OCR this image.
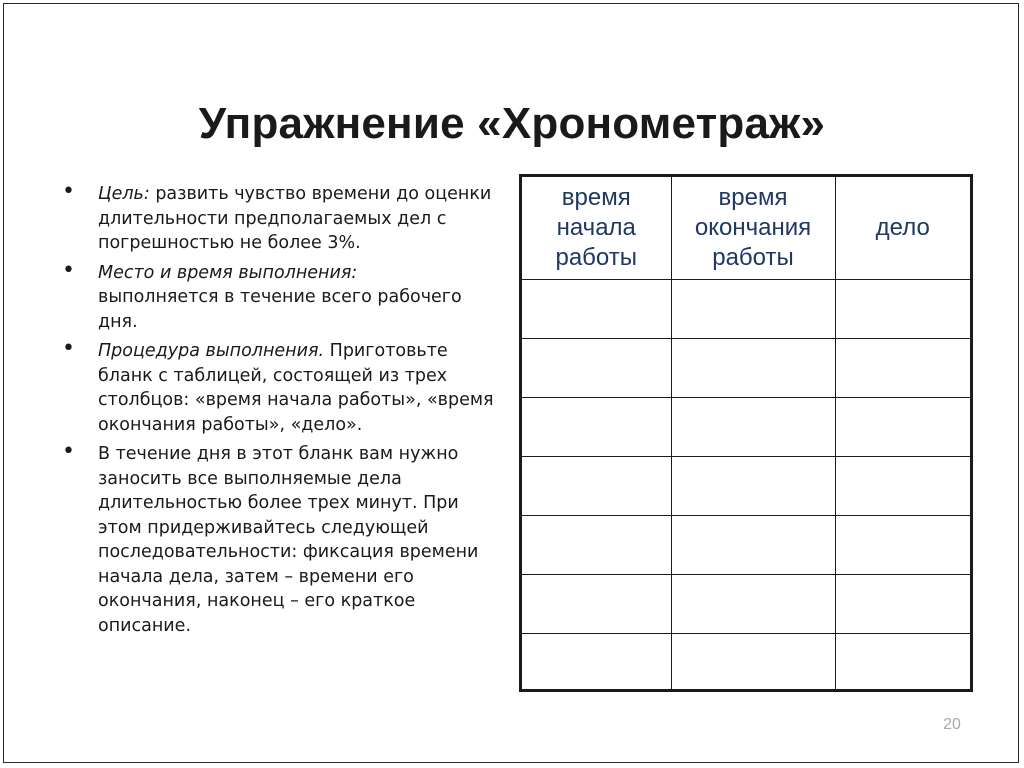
Упражнение «Хронометраж»
• Цель: развить чувство времени до оценки длительности предполагаемых дел с погрешностью не более 3%.
• Место и время выполнения:
выполняется в течение всего рабочего дня.
• Процедура выполнения. Приготовьте бланк с таблицей, состоящей из трех столбцов: «время начала работы», «время окончания работы», «дело».
• В течение дня в этот бланк вам нужно заносить все выполняемые дела длительностью более трех минут. При этом придерживайтесь следующей последовательности: фиксация времени начала дела, затем – времени его окончания, наконец – его краткое описание.
время
начала
работы	время
окончания
работы	дело

20
